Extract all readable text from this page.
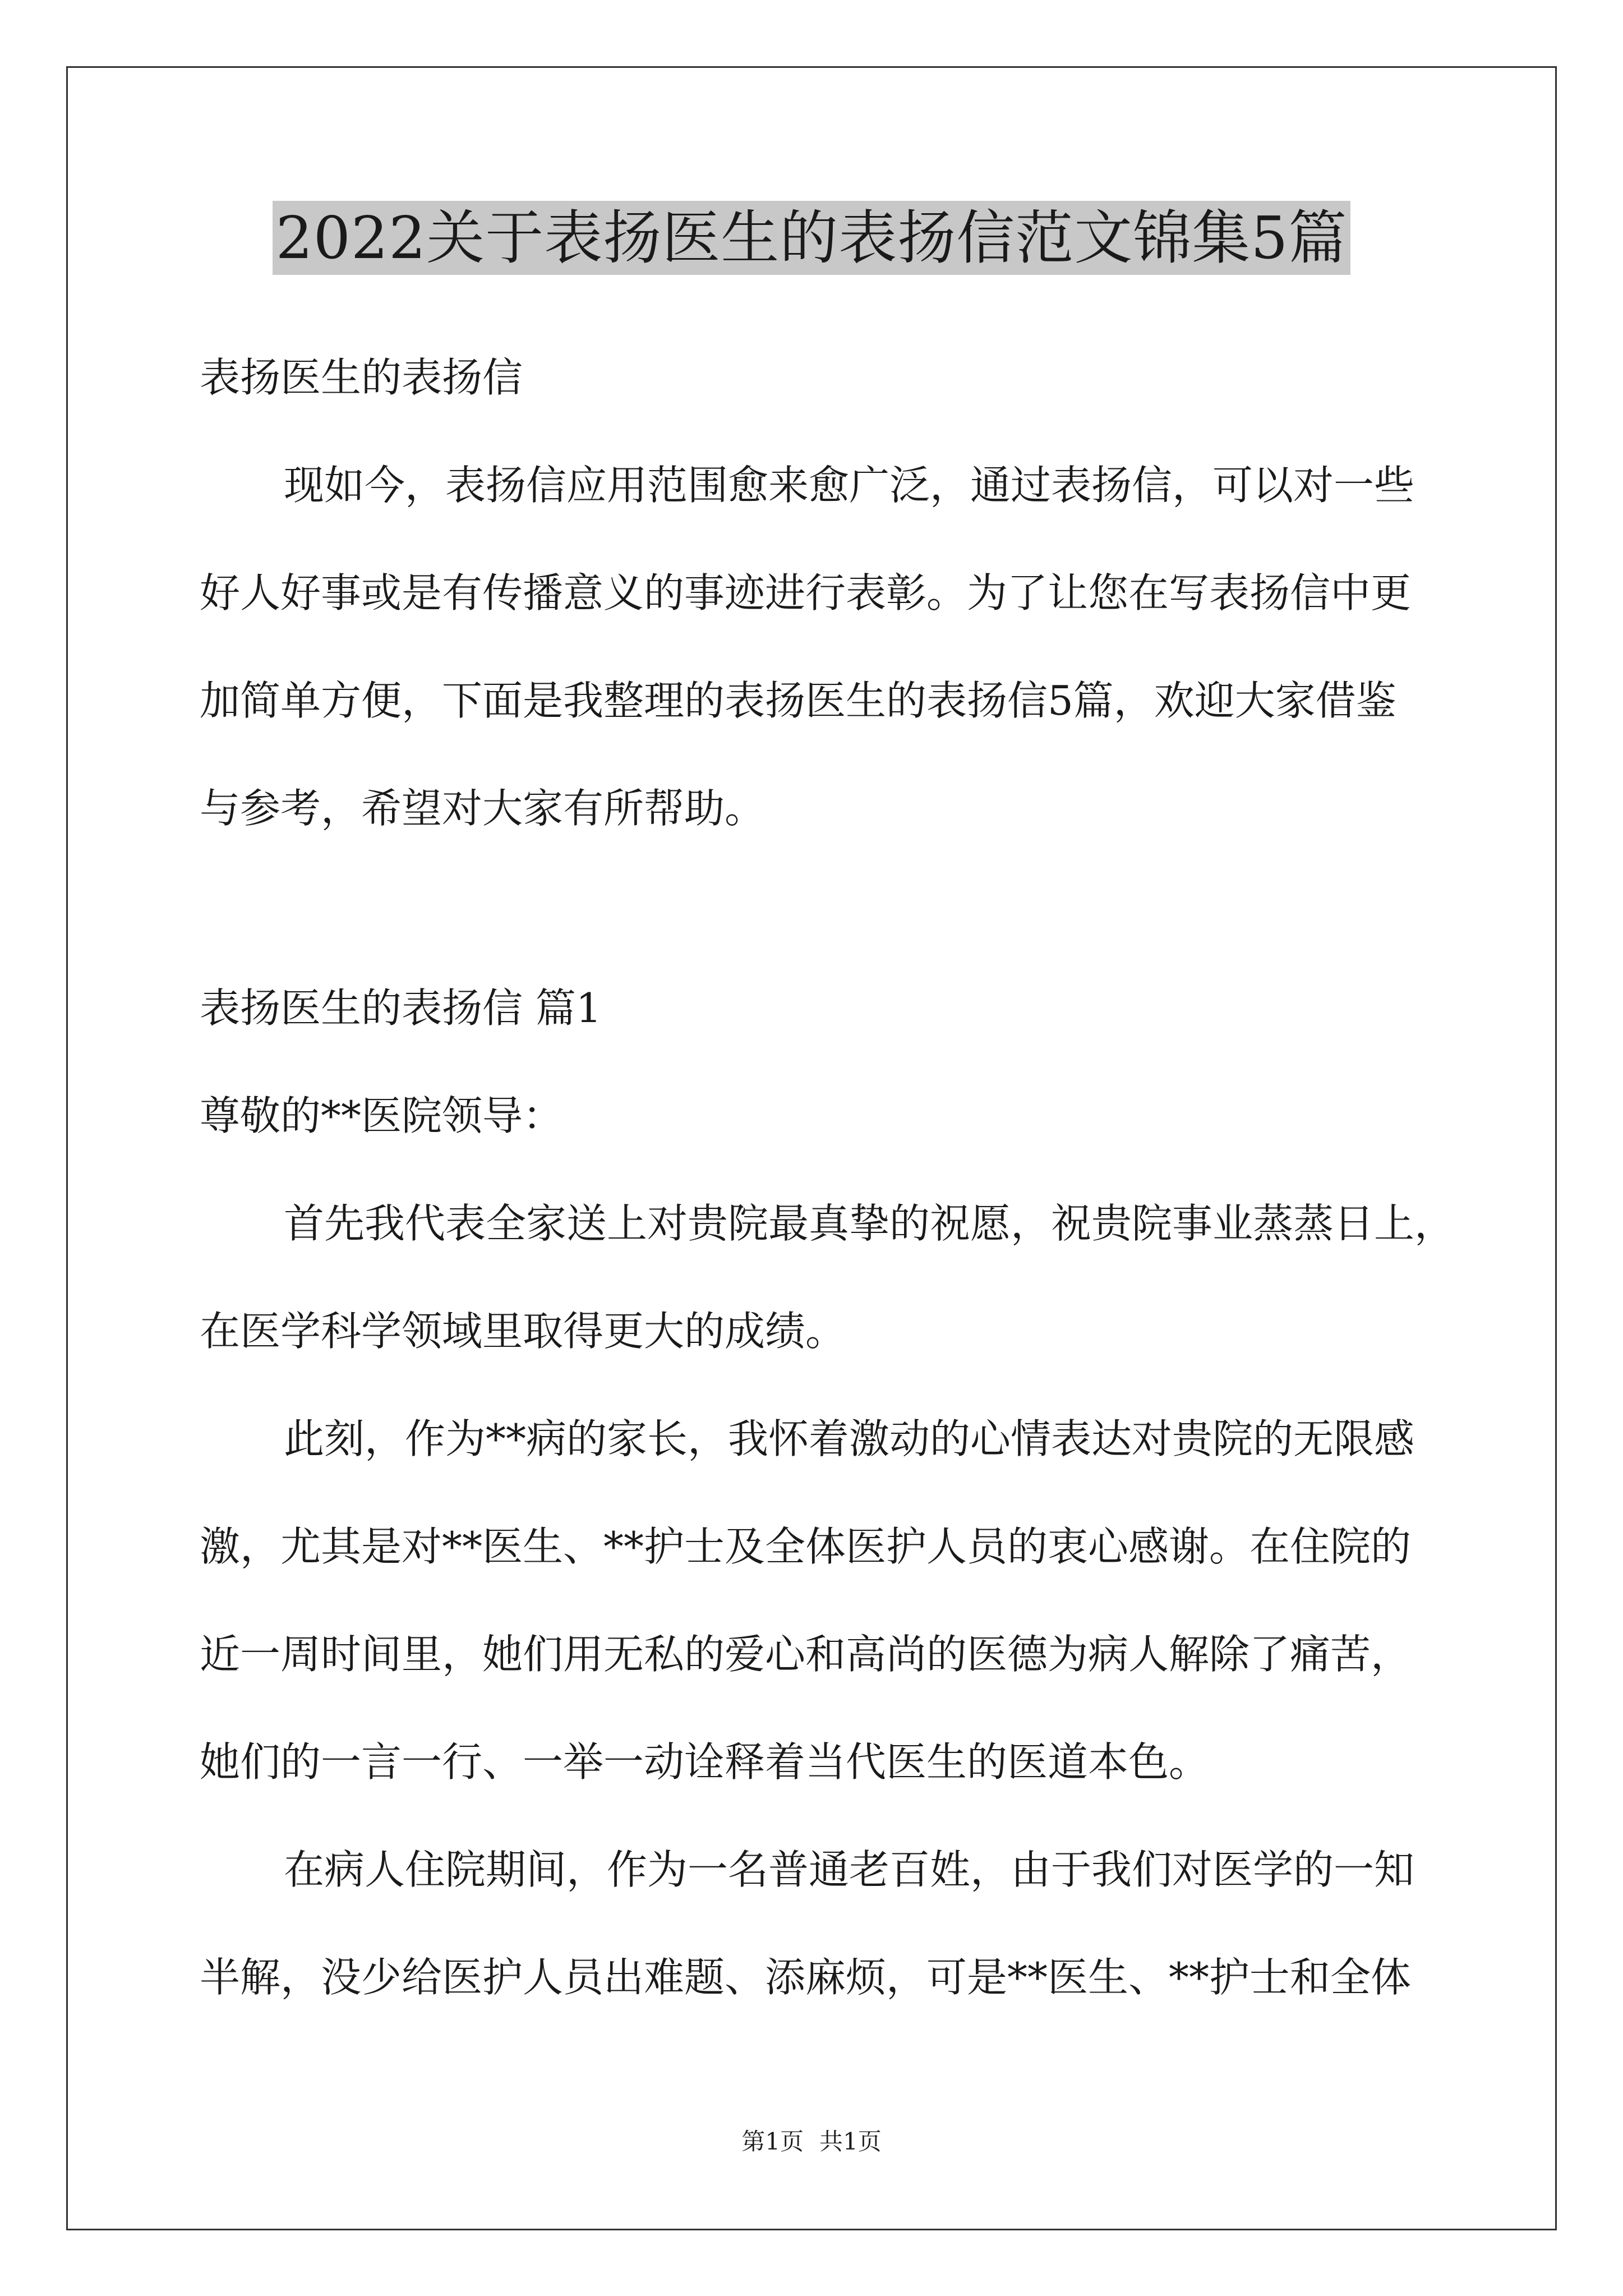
2022关于表扬医生的表扬信范文锦集5篇
表扬医生的表扬信
现如今，表扬信应用范围愈来愈广泛，通过表扬信，可以对一些
好人好事或是有传播意义的事迹进行表彰。为了让您在写表扬信中更
加简单方便，下面是我整理的表扬医生的表扬信5篇，欢迎大家借鉴
与参考，希望对大家有所帮助。
表扬医生的表扬信 篇1
尊敬的**医院领导：
首先我代表全家送上对贵院最真挚的祝愿，祝贵院事业蒸蒸日上，
在医学科学领域里取得更大的成绩。
此刻，作为**病的家长，我怀着激动的心情表达对贵院的无限感
激，尤其是对**医生、**护士及全体医护人员的衷心感谢。在住院的
近一周时间里，她们用无私的爱心和高尚的医德为病人解除了痛苦，
她们的一言一行、一举一动诠释着当代医生的医道本色。
在病人住院期间，作为一名普通老百姓，由于我们对医学的一知
半解，没少给医护人员出难题、添麻烦，可是**医生、**护士和全体
第1页 共1页
